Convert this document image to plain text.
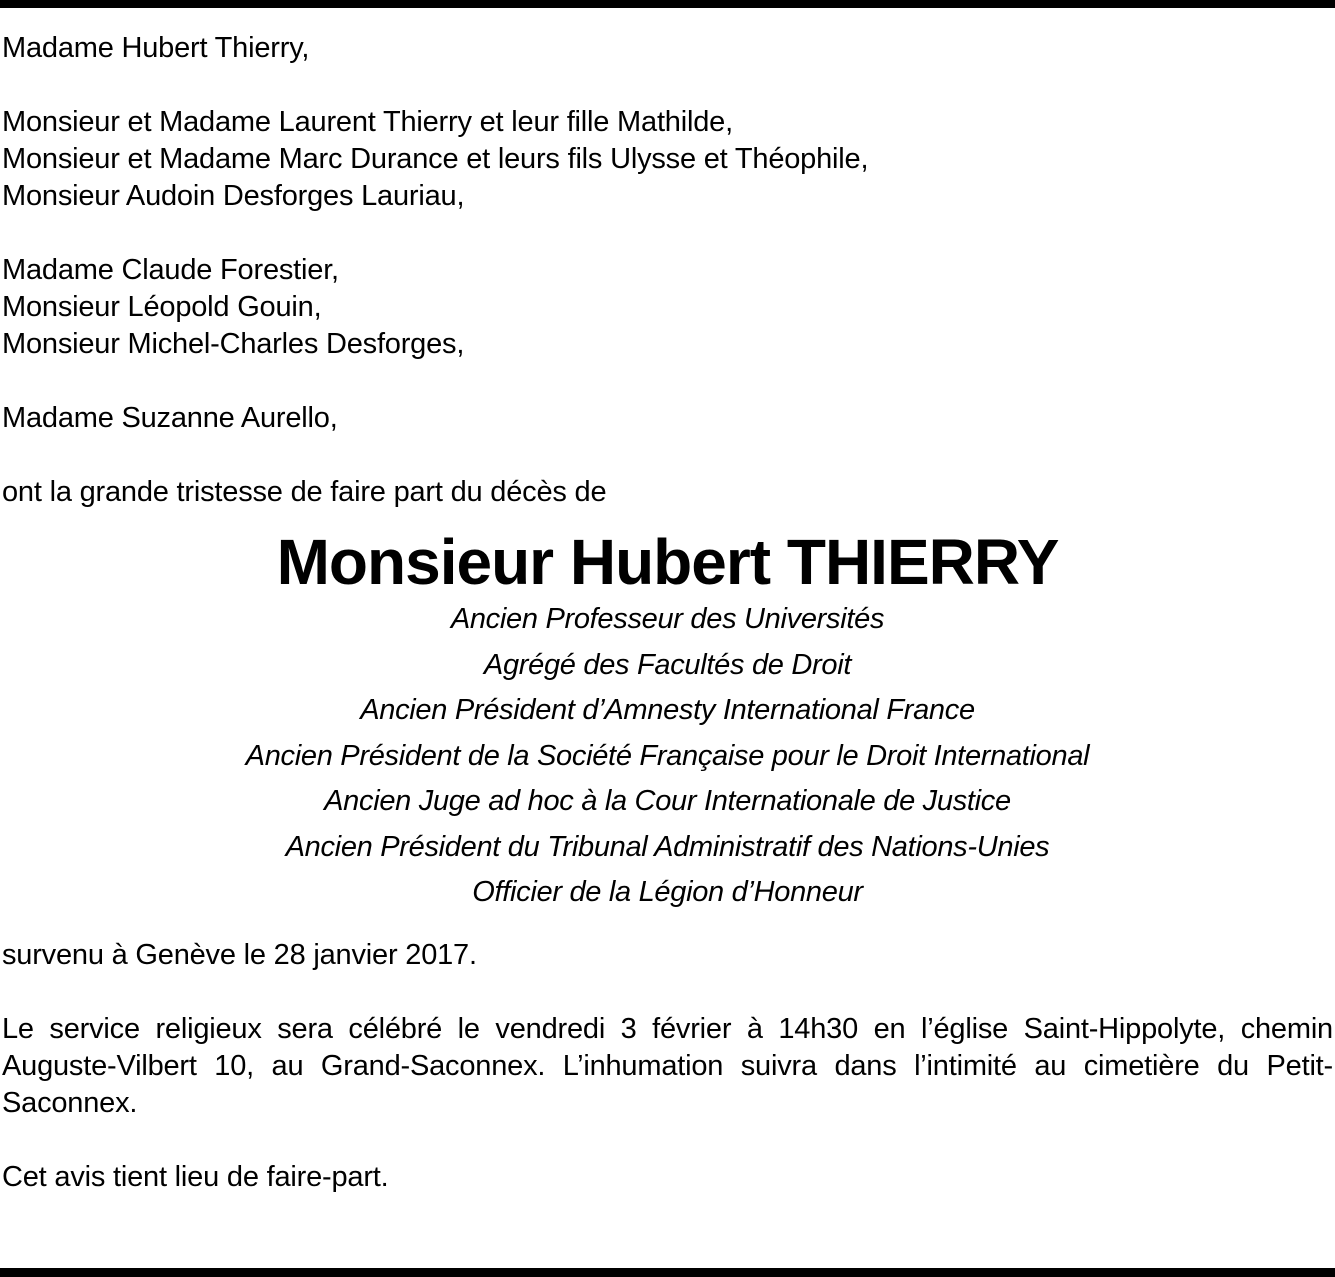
Madame Hubert Thierry,
Monsieur et Madame Laurent Thierry et leur fille Mathilde,
Monsieur et Madame Marc Durance et leurs fils Ulysse et Théophile,
Monsieur Audoin Desforges Lauriau,
Madame Claude Forestier,
Monsieur Léopold Gouin,
Monsieur Michel-Charles Desforges,
Madame Suzanne Aurello,
ont la grande tristesse de faire part du décès de
Monsieur Hubert THIERRY
Ancien Professeur des Universités
Agrégé des Facultés de Droit
Ancien Président d’Amnesty International France
Ancien Président de la Société Française pour le Droit International
Ancien Juge ad hoc à la Cour Internationale de Justice
Ancien Président du Tribunal Administratif des Nations-Unies
Officier de la Légion d’Honneur
survenu à Genève le 28 janvier 2017.
Le service religieux sera célébré le vendredi 3 février à 14h30 en l’église Saint-Hippolyte, chemin Auguste-Vilbert 10, au Grand-Saconnex. L’inhumation suivra dans l’intimité au cimetière du Petit-Saconnex.
Cet avis tient lieu de faire-part.
